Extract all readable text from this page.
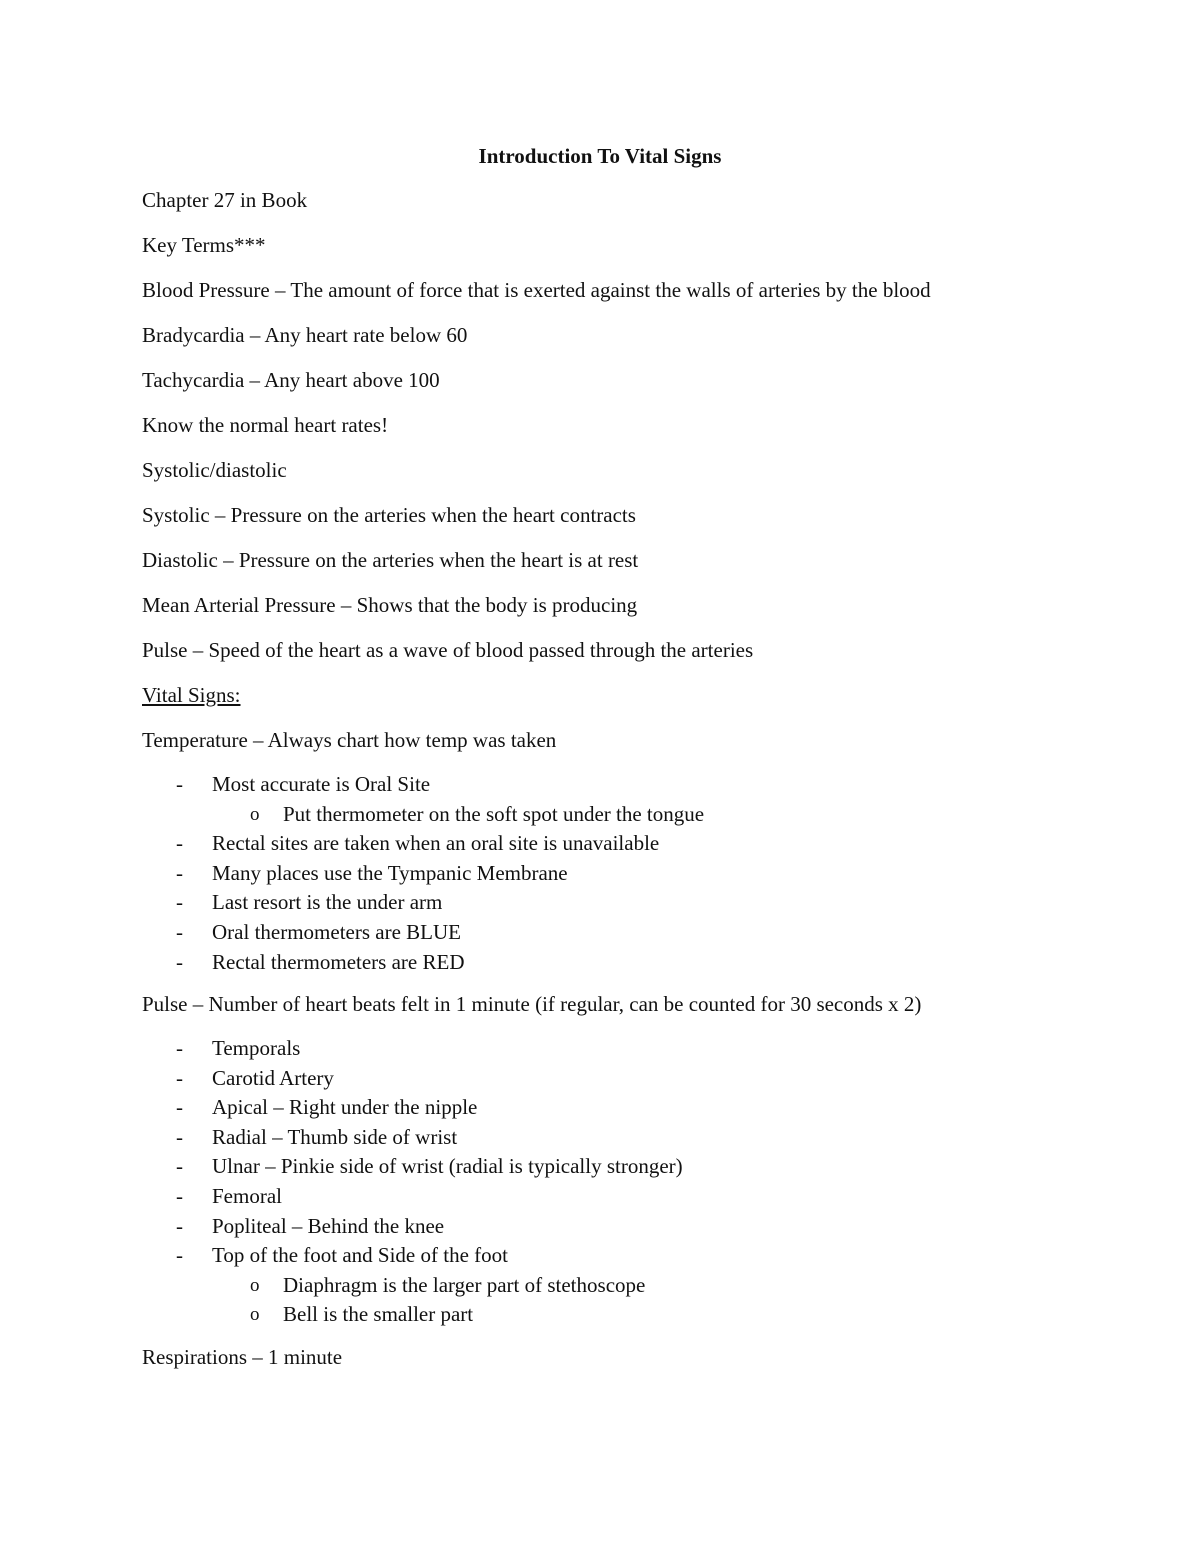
Introduction To Vital Signs
Chapter 27 in Book
Key Terms***
Blood Pressure – The amount of force that is exerted against the walls of arteries by the blood
Bradycardia – Any heart rate below 60
Tachycardia – Any heart above 100
Know the normal heart rates!
Systolic/diastolic
Systolic – Pressure on the arteries when the heart contracts
Diastolic – Pressure on the arteries when the heart is at rest
Mean Arterial Pressure – Shows that the body is producing
Pulse – Speed of the heart as a wave of blood passed through the arteries
Vital Signs:
Temperature – Always chart how temp was taken
- Most accurate is Oral Site
o Put thermometer on the soft spot under the tongue
- Rectal sites are taken when an oral site is unavailable
- Many places use the Tympanic Membrane
- Last resort is the under arm
- Oral thermometers are BLUE
- Rectal thermometers are RED
Pulse – Number of heart beats felt in 1 minute (if regular, can be counted for 30 seconds x 2)
- Temporals
- Carotid Artery
- Apical – Right under the nipple
- Radial – Thumb side of wrist
- Ulnar – Pinkie side of wrist (radial is typically stronger)
- Femoral
- Popliteal – Behind the knee
- Top of the foot and Side of the foot
o Diaphragm is the larger part of stethoscope
o Bell is the smaller part
Respirations – 1 minute
